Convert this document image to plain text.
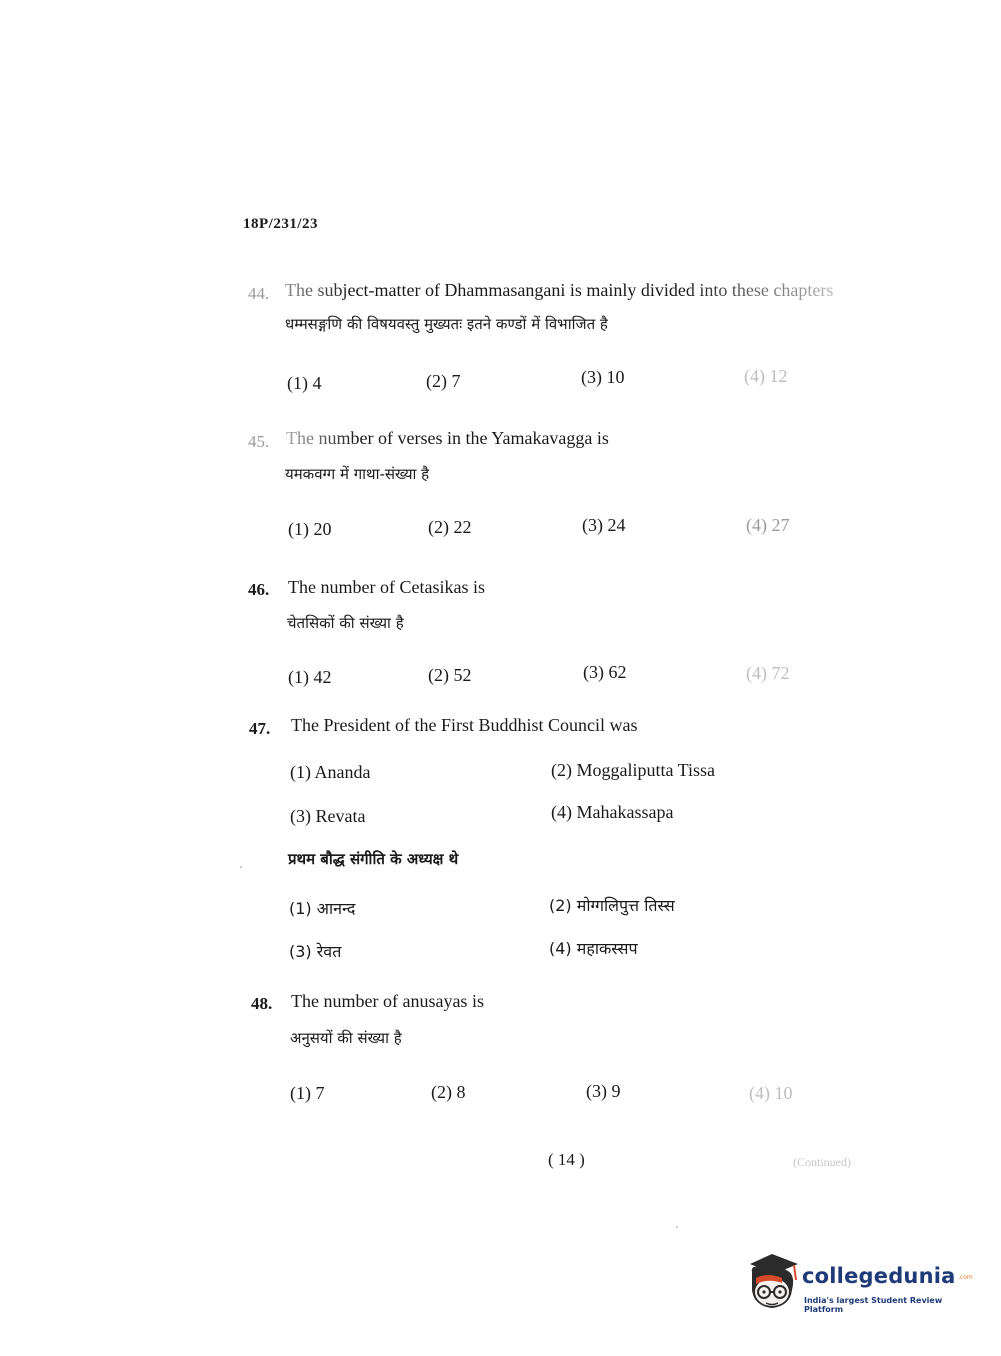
18P/231/23
44. The subject-matter of Dhammasangani is mainly divided into these chapters
धम्मसङ्गणि की विषयवस्तु मुख्यतः इतने कण्डों में विभाजित है
(1) 4	(2) 7	(3) 10	(4) 12
45. The number of verses in the Yamakavagga is
यमकवग्ग में गाथा-संख्या है
(1) 20	(2) 22	(3) 24	(4) 27
46. The number of Cetasikas is
चेतसिकों की संख्या है
(1) 42	(2) 52	(3) 62	(4) 72
47. The President of the First Buddhist Council was
(1) Ananda	(2) Moggaliputta Tissa
(3) Revata	(4) Mahakassapa
प्रथम बौद्ध संगीति के अध्यक्ष थे
(1) आनन्द	(2) मोग्गलिपुत्त तिस्स
(3) रेवत	(4) महाकस्सप
48. The number of anusayas is
अनुसयों की संख्या है
(1) 7	(2) 8	(3) 9	(4) 10
( 14 )	(Continued)
collegedunia .com
India's largest Student Review Platform
